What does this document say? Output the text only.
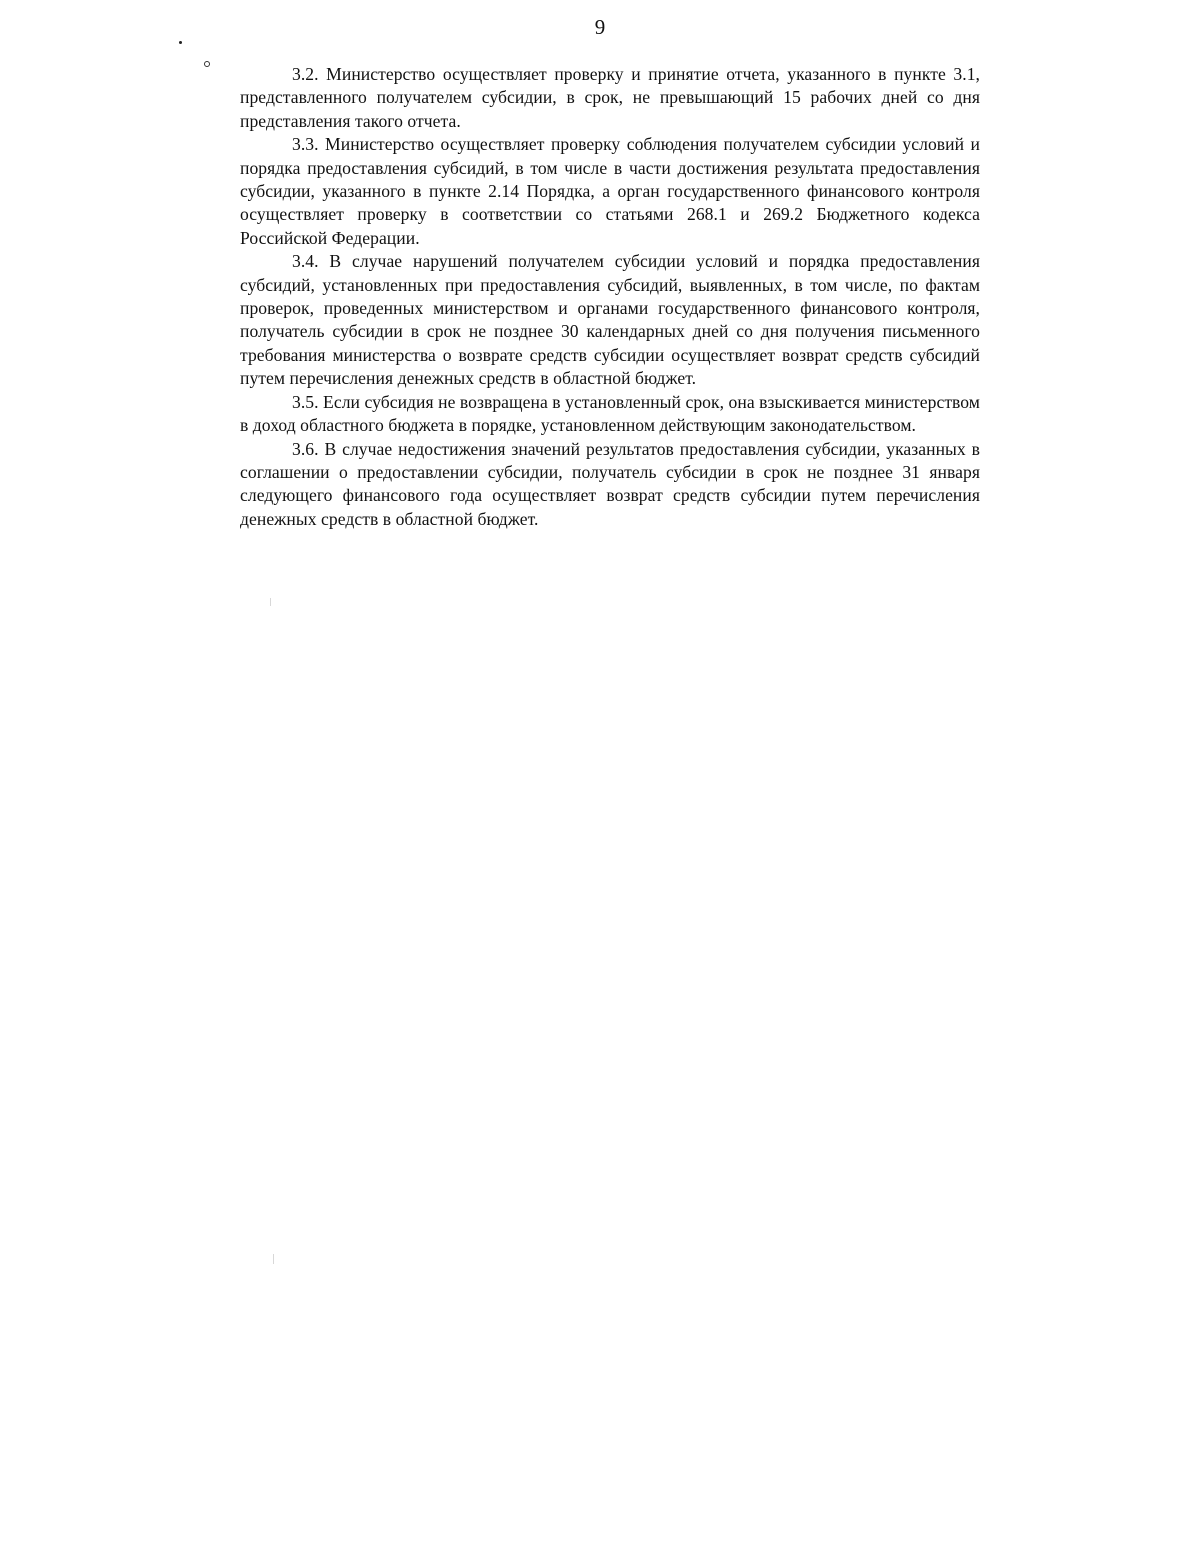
9

3.2. Министерство осуществляет проверку и принятие отчета, указанного в пункте 3.1, представленного получателем субсидии, в срок, не превышающий 15 рабочих дней со дня представления такого отчета.

3.3. Министерство осуществляет проверку соблюдения получателем субсидии условий и порядка предоставления субсидий, в том числе в части достижения результата предоставления субсидии, указанного в пункте 2.14 Порядка, а орган государственного финансового контроля осуществляет проверку в соответствии со статьями 268.1 и 269.2 Бюджетного кодекса Российской Федерации.

3.4. В случае нарушений получателем субсидии условий и порядка предоставления субсидий, установленных при предоставления субсидий, выявленных, в том числе, по фактам проверок, проведенных министерством и органами государственного финансового контроля, получатель субсидии в срок не позднее 30 календарных дней со дня получения письменного требования министерства о возврате средств субсидии осуществляет возврат средств субсидий путем перечисления денежных средств в областной бюджет.

3.5. Если субсидия не возвращена в установленный срок, она взыскивается министерством в доход областного бюджета в порядке, установленном действующим законодательством.

3.6. В случае недостижения значений результатов предоставления субсидии, указанных в соглашении о предоставлении субсидии, получатель субсидии в срок не позднее 31 января следующего финансового года осуществляет возврат средств субсидии путем перечисления денежных средств в областной бюджет.
